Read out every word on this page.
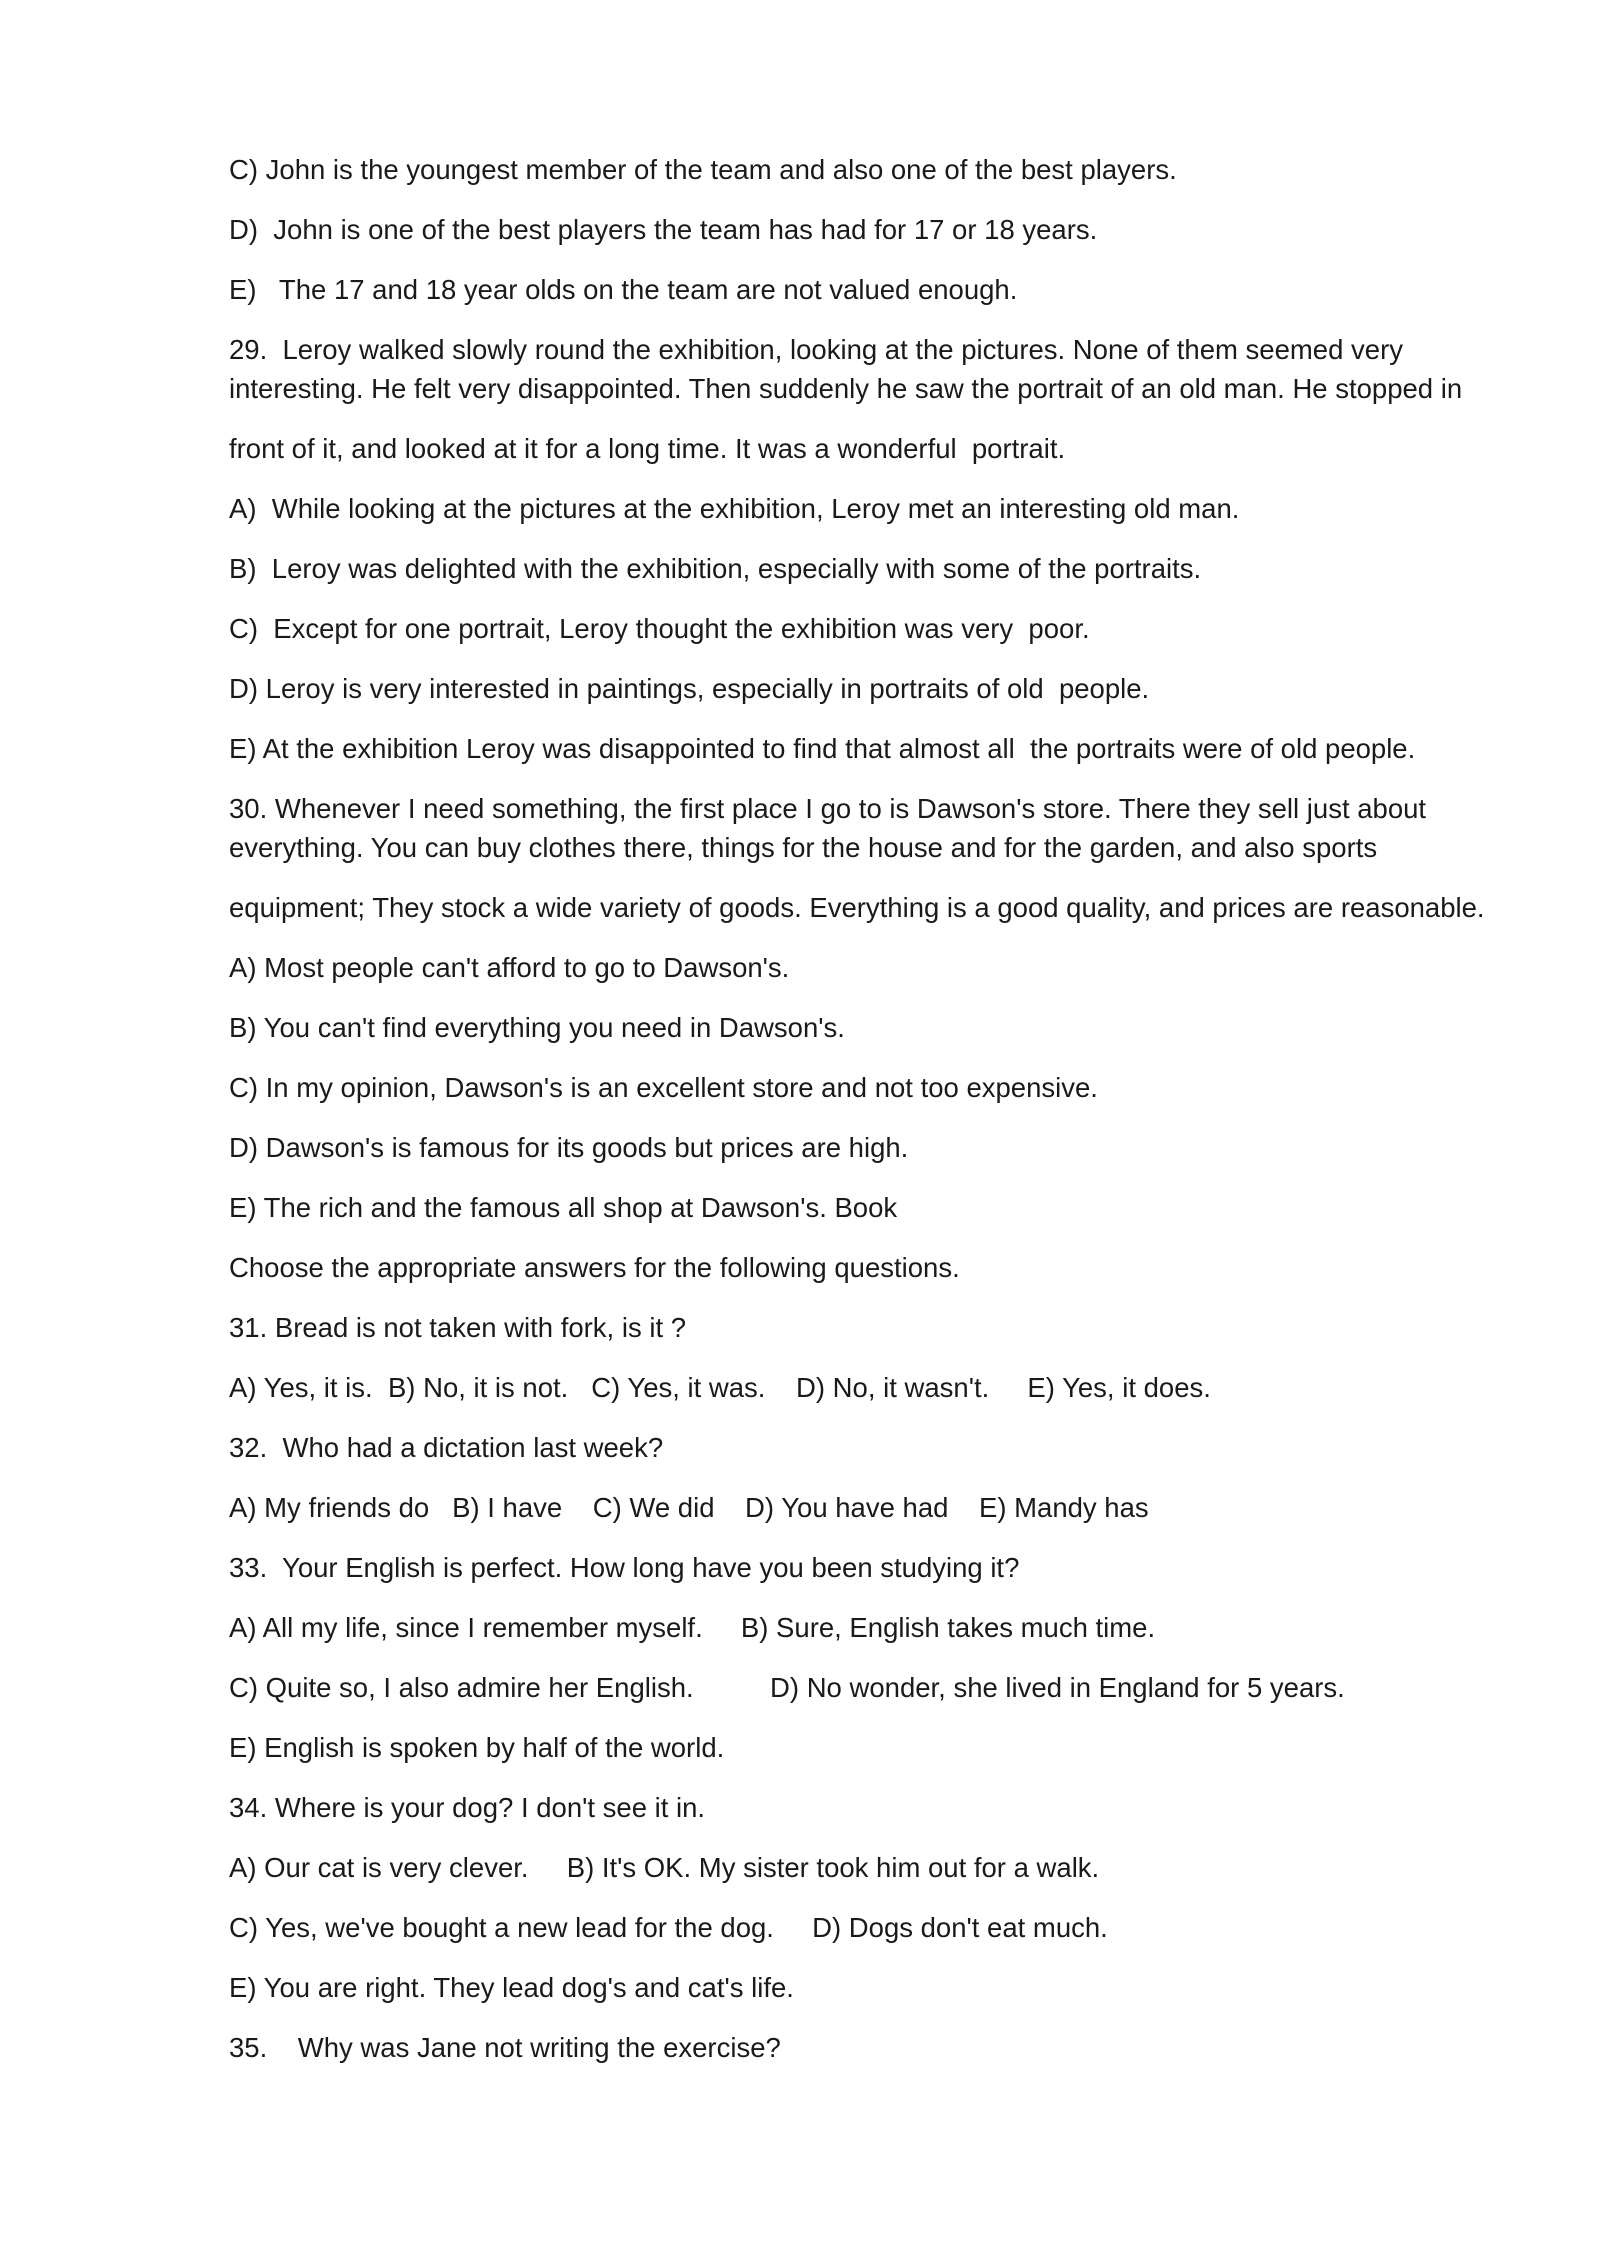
C) John is the youngest member of the team and also one of the best players.
D)  John is one of the best players the team has had for 17 or 18 years.
E)   The 17 and 18 year olds on the team are not valued enough.
29.  Leroy walked slowly round the exhibition, looking at the pictures. None of them seemed very
interesting. He felt very disappointed. Then suddenly he saw the portrait of an old man. He stopped in
front of it, and looked at it for a long time. It was a wonderful  portrait.
A)  While looking at the pictures at the exhibition, Leroy met an interesting old man.
B)  Leroy was delighted with the exhibition, especially with some of the portraits.
C)  Except for one portrait, Leroy thought the exhibition was very  poor.
D) Leroy is very interested in paintings, especially in portraits of old  people.
E) At the exhibition Leroy was disappointed to find that almost all  the portraits were of old people.
30. Whenever I need something, the first place I go to is Dawson's store. There they sell just about
everything. You can buy clothes there, things for the house and for the garden, and also sports
equipment; They stock a wide variety of goods. Everything is a good quality, and prices are reasonable.
A) Most people can't afford to go to Dawson's.
B) You can't find everything you need in Dawson's.
C) In my opinion, Dawson's is an excellent store and not too expensive.
D) Dawson's is famous for its goods but prices are high.
E) The rich and the famous all shop at Dawson's. Book
Choose the appropriate answers for the following questions.
31. Bread is not taken with fork, is it ?
A) Yes, it is.  B) No, it is not.   C) Yes, it was.    D) No, it wasn't.     E) Yes, it does.
32.  Who had a dictation last week?
A) My friends do   B) I have    C) We did    D) You have had    E) Mandy has
33.  Your English is perfect. How long have you been studying it?
A) All my life, since I remember myself.     B) Sure, English takes much time.
C) Quite so, I also admire her English.          D) No wonder, she lived in England for 5 years.
E) English is spoken by half of the world.
34. Where is your dog? I don't see it in.
A) Our cat is very clever.     B) It's OK. My sister took him out for a walk.
C) Yes, we've bought a new lead for the dog.     D) Dogs don't eat much.
E) You are right. They lead dog's and cat's life.
35.    Why was Jane not writing the exercise?
